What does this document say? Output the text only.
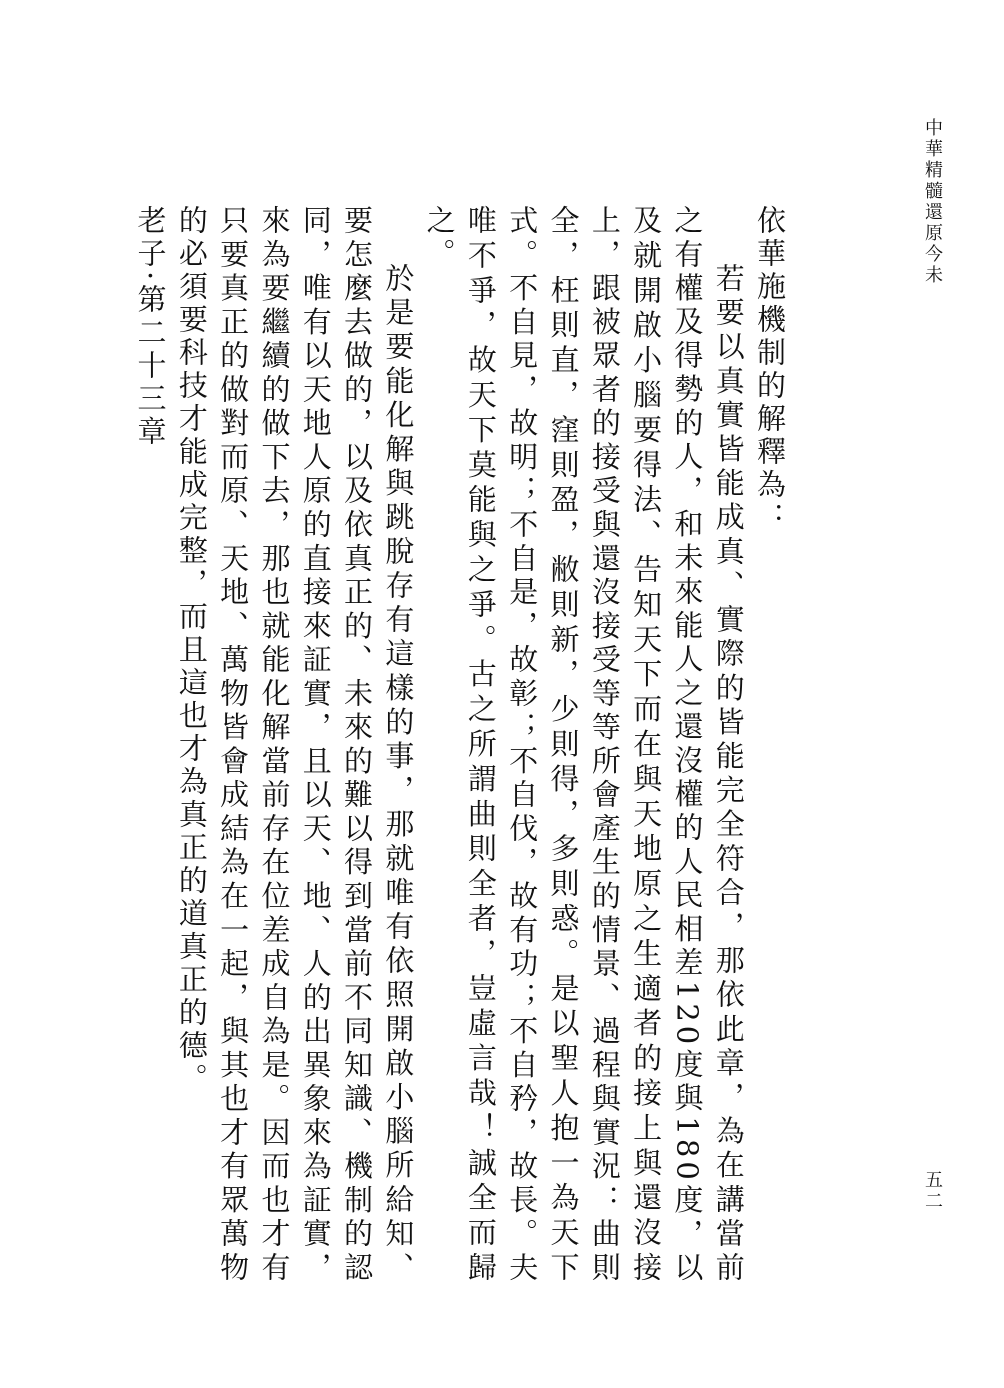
中華精髓還原今未
五二

依華施機制的解釋為：

若要以真實皆能成真、實際的皆能完全符合，那依此章，為在講當前之有權及得勢的人，和未來能人之還沒權的人民相差120度與180度，以及就開啟小腦要得法、告知天下而在與天地原之生適者的接上與還沒接上，跟被眾者的接受與還沒接受等等所會產生的情景、過程與實況：曲則全，枉則直，窪則盈，敝則新，少則得，多則惑。是以聖人抱一為天下式。不自見，故明；不自是，故彰；不自伐，故有功；不自矜，故長。夫唯不爭，故天下莫能與之爭。古之所謂曲則全者，豈虛言哉！誠全而歸之。

於是要能化解與跳脫存有這樣的事，那就唯有依照開啟小腦所給知、要怎麼去做的，以及依真正的、未來的難以得到當前不同知識、機制的認同，唯有以天地人原的直接來証實，且以天、地、人的出異象來為証實，來為要繼續的做下去，那也就能化解當前存在位差成自為是。因而也才有只要真正的做對而原、天地、萬物皆會成結為在一起，與其也才有眾萬物的必須要科技才能成完整，而且這也才為真正的道真正的德。

老子·第二十三章
